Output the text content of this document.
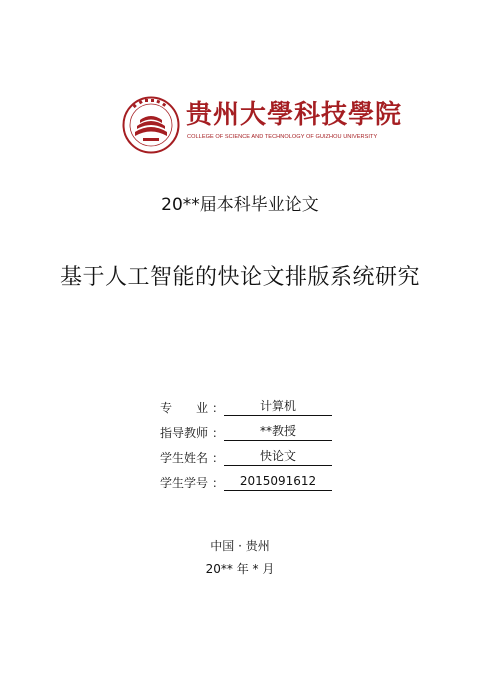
贵州大學科技學院
COLLEGE OF SCIENCE AND TECHNOLOGY OF GUIZHOU UNIVERSITY
20**届本科毕业论文
基于人工智能的快论文排版系统研究
专　　业 ：	计算机
指导教师 ：	**教授
学生姓名 ：	快论文
学生学号 ：	2015091612
中国 · 贵州
20** 年 * 月
